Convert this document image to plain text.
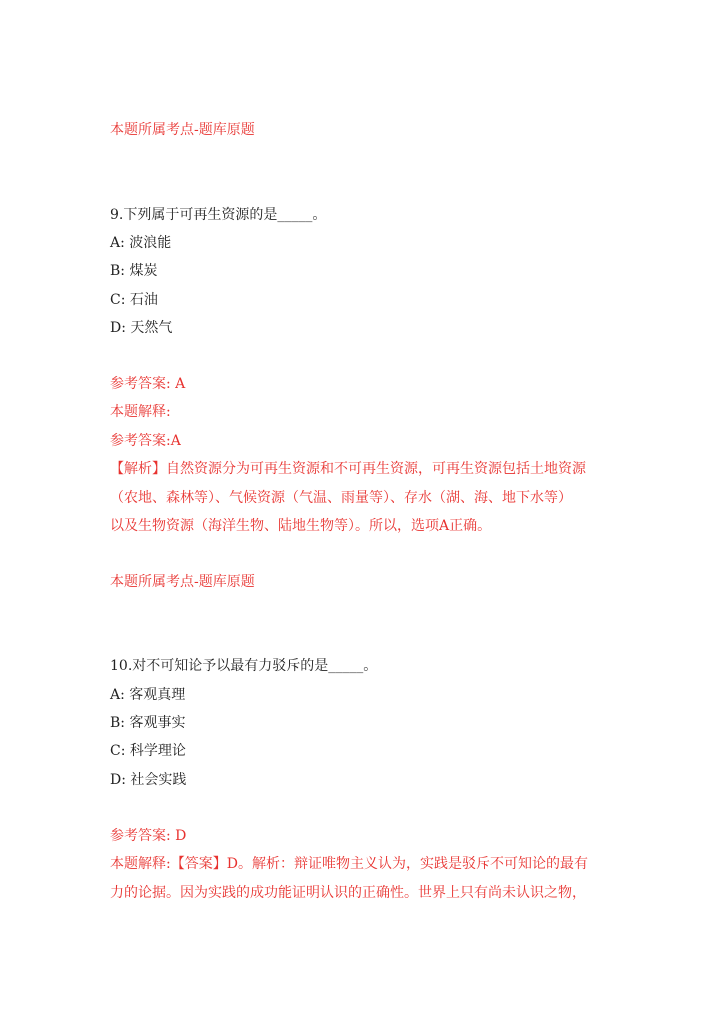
本题所属考点-题库原题
9.下列属于可再生资源的是_____。
A: 波浪能
B: 煤炭
C: 石油
D: 天然气
参考答案: A
本题解释:
参考答案:A
【解析】自然资源分为可再生资源和不可再生资源，可再生资源包括土地资源
（农地、森林等）、气候资源（气温、雨量等）、存水（湖、海、地下水等）
以及生物资源（海洋生物、陆地生物等）。所以，选项A正确。
本题所属考点-题库原题
10.对不可知论予以最有力驳斥的是_____。
A: 客观真理
B: 客观事实
C: 科学理论
D: 社会实践
参考答案: D
本题解释:【答案】D。解析：辩证唯物主义认为，实践是驳斥不可知论的最有
力的论据。因为实践的成功能证明认识的正确性。世界上只有尚未认识之物，
